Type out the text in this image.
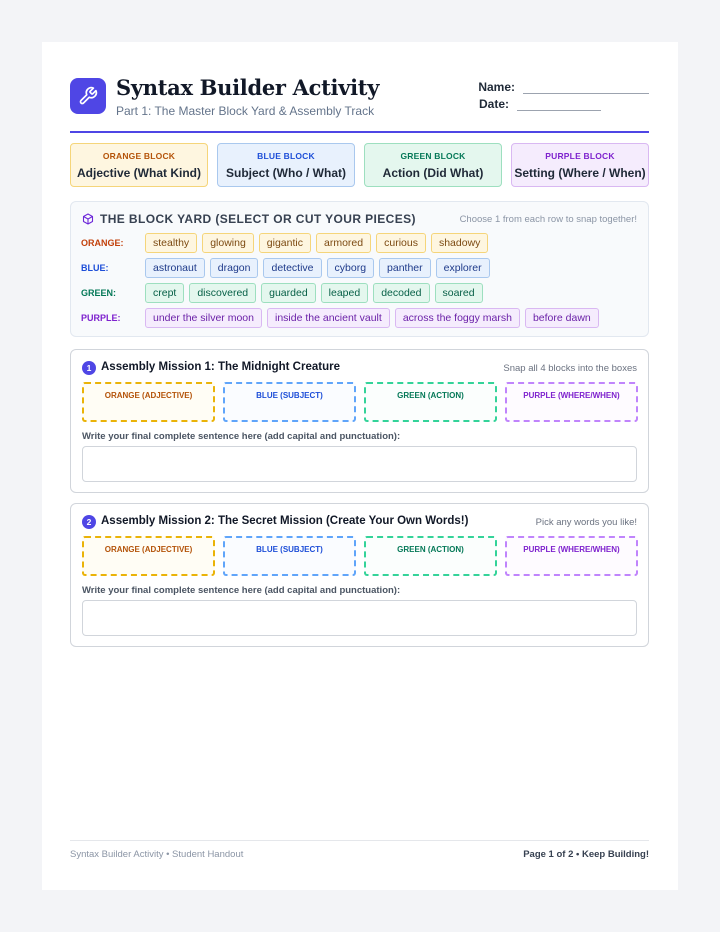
Syntax Builder Activity
Part 1: The Master Block Yard & Assembly Track
Name:
Date:
ORANGE BLOCK
Adjective (What Kind)
BLUE BLOCK
Subject (Who / What)
GREEN BLOCK
Action (Did What)
PURPLE BLOCK
Setting (Where / When)
THE BLOCK YARD (SELECT OR CUT YOUR PIECES)	Choose 1 from each row to snap together!
ORANGE:	stealthy	glowing	gigantic	armored	curious	shadowy
BLUE:	astronaut	dragon	detective	cyborg	panther	explorer
GREEN:	crept	discovered	guarded	leaped	decoded	soared
PURPLE:	under the silver moon	inside the ancient vault	across the foggy marsh	before dawn
1 Assembly Mission 1: The Midnight Creature	Snap all 4 blocks into the boxes
ORANGE (ADJECTIVE)	BLUE (SUBJECT)	GREEN (ACTION)	PURPLE (WHERE/WHEN)
Write your final complete sentence here (add capital and punctuation):
2 Assembly Mission 2: The Secret Mission (Create Your Own Words!)	Pick any words you like!
ORANGE (ADJECTIVE)	BLUE (SUBJECT)	GREEN (ACTION)	PURPLE (WHERE/WHEN)
Write your final complete sentence here (add capital and punctuation):
Syntax Builder Activity • Student Handout	Page 1 of 2 • Keep Building!
